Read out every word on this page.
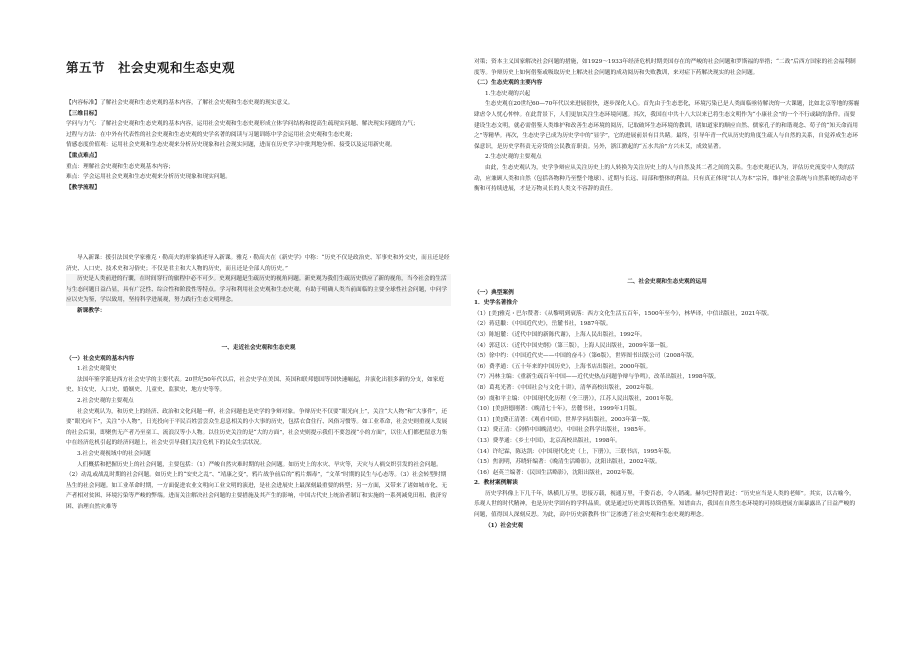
第五节　社会史观和生态史观

【内容标准】了解社会史观和生态史观的基本内容，了解社会史观和生态史观的现实意义。

【三维目标】

学问与力气：了解社会史观和生态史观的基本内容，运用社会史观和生态史观形成立体学问结构和提高生疏现实问题、解决现实问题的力气；

过程与方法：在中外有代表性的社会史观和生态史观的史学名著的阅读与习题训练中学会运用社会史观和生态史观；

情感态度价值观：运用社会史观和生态史观来分析历史现象和社会现实问题，进而在历史学习中批判地分析、接受以及运用新史观。

【重点难点】

重点：理解社会史观和生态史观基本内容；

难点：学会运用社会史观和生态史观来分析历史现象和现实问题。

【教学流程】

导入新课：援引法国史学家雅克・勒高夫的形象描述导入新课。雅克・勒高夫在《新史学》中称：“历史不仅是政治史、军事史和外交史，而且还是经济史、人口史、技术史和习俗史；不仅是君主和大人物的历史，而且还是全部人的历史。”

历史是人类前进的行囊，在时间穿行的旅程中必不可少。史观问题是生疏历史的视角问题。新史观为我们生疏历史供应了新的视角，当今社会的生活与生态问题日益凸显，具有广泛性、综合性和阶段性等特点。学习和利用社会史观和生态史观，有助于明确人类当前面临的主要全球性社会问题，中问学应以史为鉴，学以致用，坚持科学进展观，努力践行生态文明理念。

新课教学：

一、走近社会史观和生态史观

（一）社会史观的基本内容

1.社会史观简史

法国年鉴学派是西方社会史学的主要代表。20世纪50年代以后，社会史学在美国、英国和联邦德国等国快速崛起，并演化出很多新的分支，如家庭史、妇女史、人口史、婚姻史、儿童史、监狱史、地方史等等。

2.社会史观的主要观点

社会史观认为，和历史上的经济、政治和文化问题一样，社会问题也是史学的争辩对象。争辩历史不仅要“眼光向上”，关注“大人物”和“大事件”，还要“眼光向下”，关注“小人物”，日光投向于平民百姓尝尝众生息息相关的小大事的历史，包括衣食住行、风俗习惯等。如工业革命，社会史则重视人发展的社会后果，即聚焦无产者乃至童工、流浪汉等小人物。以往历史关注的是“大的方面”，社会史则提示我们不要忽视“小的方面”，以往人们都把留意力集中在经济危机引起的经济问题上，社会史引导我们关注危机下的民众生活状况。

3.社会史观视域中的社会问题

人们概括和把握历史上的社会问题，主要包括：（1）严峻自然灾难时期的社会问题。如历史上的水灾、旱灾等，天灾与人祸交织引发的社会问题。（2）动乱或战乱时期的社会问题。如历史上的“安史之乱”、“靖康之变”，鸦片战争前后的“鸦片烟毒”，“文革”时期的民生与心态等。（3）社会转型时期丛生的社会问题。如工业革命时期，一方面促进农业文明向工业文明的演进，是社会进展史上最深刻最重要的转型；另一方面，又带来了诸如城市化、无产者相对贫困、环境污染等严峻的弊端。进而关注解决社会问题的主要措施及其产生的影响，中国古代史上统治者制订和实施的一系列减免田租、救济穷困、治理自然灾难等

对策；资本主义国家解决社会问题的措施，如1929～1933年经济危机时期美国存在的严峻的社会问题和罗斯福的举措；“二战”后西方国家的社会福利制度等。争辩历史上如何借鉴或吸取历史上解决社会问题的成功阅历和失败教训，来对症下药解决现实的社会问题。

（二）生态史观的主要内容

1.生态史观的兴起

生态史观在20世纪60—70年代以来进展很快，逐步深化人心。首先由于生态恶化，环境污染已是人类面临亟待解决的一大课题，比如北京等地的雾霾肆虐令人忧心忡忡。在此背景下，人们更加关注生态环境问题。其次，我国在中共十八大以来已将生态文明作为“小康社会”的一个不行或缺的条件。而要建设生态文明，就必需借鉴人类维护和改善生态环境的阅历，记取破坏生态环境的教训，诸如道家的顺应自然、儒家孔子的和谐观念、荀子的“知天命而用之”等精华。再次，生态史学已成为历史学中的“显学”，它的进展前景有目共睹。最终，引导年青一代从历史的角度生疏人与自然的关系，自觉养成生态环保意识，是历史学科责无旁贷的公民教育职责。另外，浙江掀起的“五水共治”方兴未艾，成效显著。

2.生态史观的主要观点

由此，生态史观认为，史学争辩应从关注历史上的人转换为关注历史上的人与自然及其二者之间的关系。生态史观还认为，评估历史流变中人类的活动，应兼顾人类和自然（包括各物种乃至整个地球）、近期与长远、局部和整体的利益。只有真正体现“以人为本”宗旨，维护社会系统与自然系统的动态平衡和可持续进展，才是万物灵长的人类文不容辞的责任。

二、社会史观和生态史观的运用

（一）典型案例

1．史学名著推介

（1）[美]雅克・巴尔赞著：《从黎明到衰落：西方文化生活五百年，1500年至今》，林华译，中信出版社，2021年版。

（2）蒋廷黻：《中国近代史》，岳麓书社，1987年版。

（3）陈旭麓：《近代中国的新陈代谢》，上海人民出版社，1992年。

（4）郭廷以：《近代中国史纲》（第三版），上海人民出版社，2009年第一版。

（5）徐中约：《中国近代史——中国的奋斗》（第6版），世界图书出版公司（2008年版。

（6）费孝通：《五十年来的中国历史》，上海书店出版社，2000年版。

（7）冯林主编：《重新生疏百年中国——近代史热点问题争辩与争鸣》，改革出版社，1998年版。

（8）葛兆光著：《中国社会与文化十讲》，清华高校出版社，2002年版。

（9）虞和平主编：《中国现代化历程（全三册）》，江苏人民出版社，2001年版。

（10）[美]唐德刚著：《晚清七十年》，岳麓书社，1999年1月版。

（11）[美]费正清著：《观看中国》，世界学问出版社，2003年第一版。

（12）费正清：《剑桥中国晚清史》，中国社会科学出版社，1985年。

（13）费孝通：《乡土中国》，北京高校出版社，1998年。

（14）许纪霖，陈达凯：《中国现代化史（上，下册）》，三联书店，1995年版。

（15）焦润明，苏晓轩编著：《晚清生活略影》，沈阳出版社，2002年版。

（16）赵英兰编著：《民国生活略影》，沈阳出版社，2002年版。

2．教材案例解读

历史学科像上下几千年，纵横几万里，思接万载，视通万里，千姿百态，令人销魂。赫尔巴特曾说过：“历史应当是人类的老师”。其实，以古喻今，乐观人世的时代精神，也是历史学固有的学科品质。就是通过历史训练以资借鉴。知谱由古，我国在自然生态环境的可持续进展方面暴露出了日益严峻的问题，值得国人深刻反思。为此，高中历史新教科书广泛渗透了社会史观和生态史观的理念。

（1）社会史观
